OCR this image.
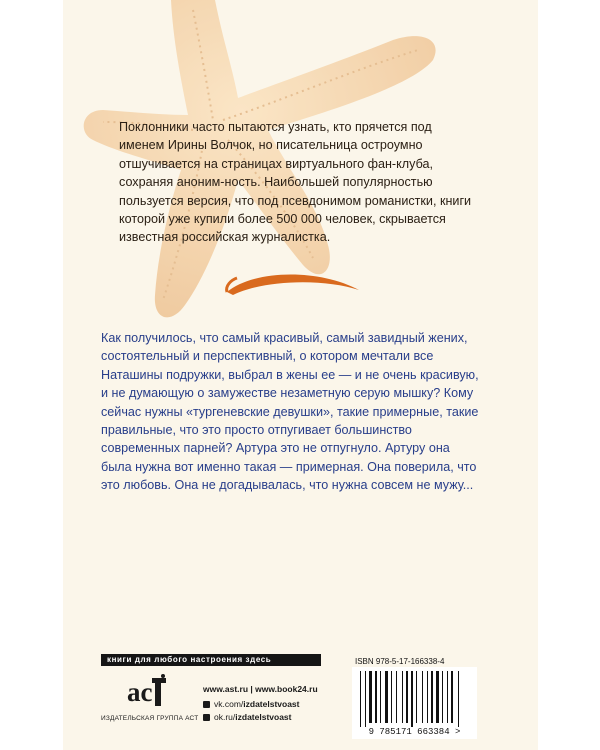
Поклонники часто пытаются узнать, кто прячется под именем Ирины Волчок, но писательница остроумно отшучивается на страницах виртуального фан-клуба, сохраняя аноним-ность. Наибольшей популярностью пользуется версия, что под псевдонимом романистки, книги которой уже купили более 500 000 человек, скрывается известная российская журналистка.

Как получилось, что самый красивый, самый завидный жених, состоятельный и перспективный, о котором мечтали все Наташины подружки, выбрал в жены ее — и не очень красивую, и не думающую о замужестве незаметную серую мышку? Кому сейчас нужны «тургеневские девушки», такие примерные, такие правильные, что это просто отпугивает большинство современных парней? Артура это не отпугнуло. Артуру она была нужна вот именно такая — примерная. Она поверила, что это любовь. Она не догадывалась, что нужна совсем не мужу...

книги для любого настроения здесь
ac
ИЗДАТЕЛЬСКАЯ ГРУППА АСТ
www.ast.ru | www.book24.ru
vk.com/ izdatelstvoast
ok.ru/ izdatelstvoast
ISBN 978-5-17-166338-4
9 785171 663384 >
